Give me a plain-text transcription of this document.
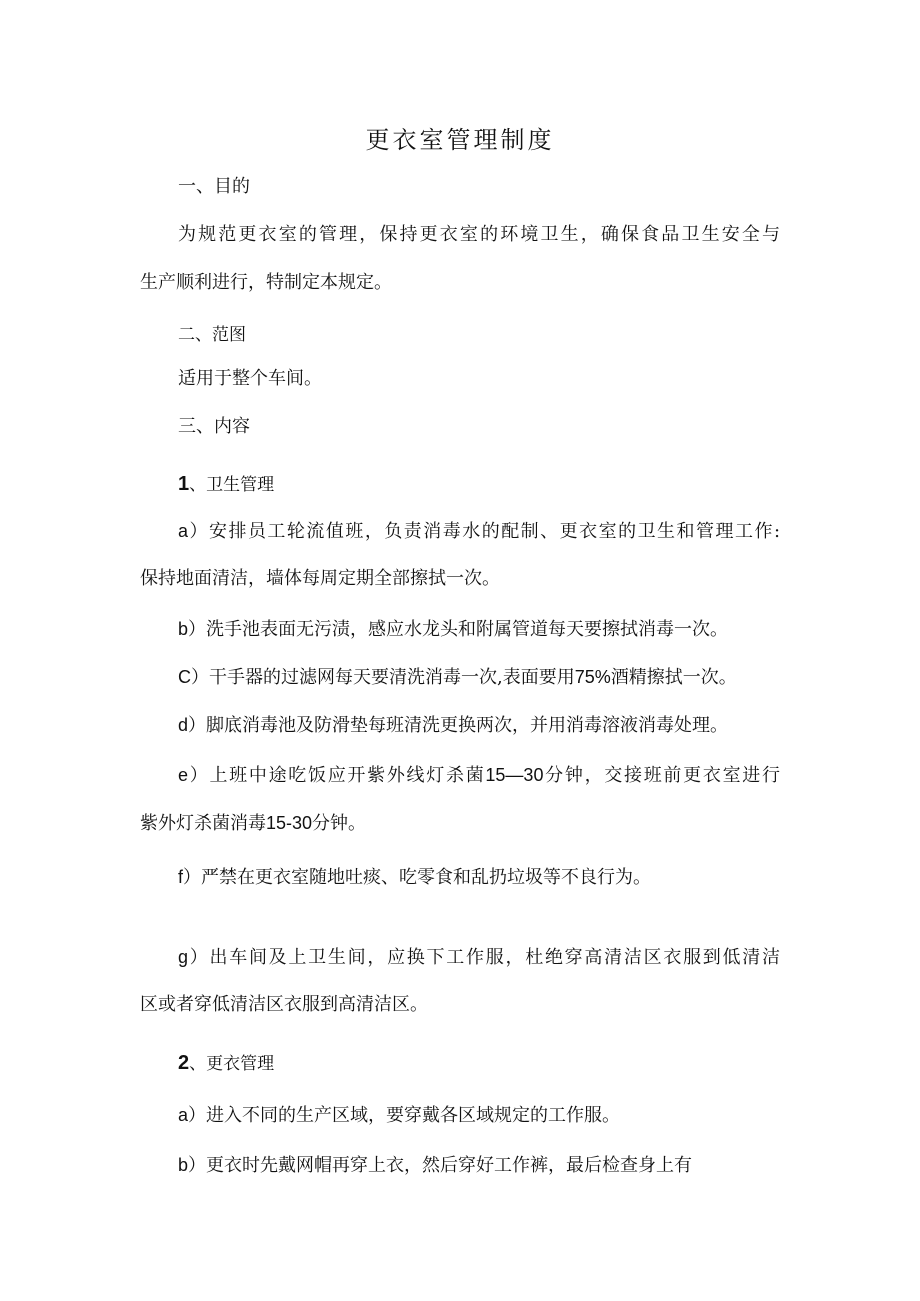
更衣室管理制度

一、目的

为规范更衣室的管理，保持更衣室的环境卫生，确保食品卫生安全与

生产顺利进行，特制定本规定。

二、范图

适用于整个车间。

三、内容

1、卫生管理

a）安排员工轮流值班，负责消毒水的配制、更衣室的卫生和管理工作:

保持地面清洁，墙体每周定期全部擦拭一次。

b）洗手池表面无污渍，感应水龙头和附属管道每天要擦拭消毒一次。

C）干手器的过滤网每天要清洗消毒一次,表面要用75%酒精擦拭一次。

d）脚底消毒池及防滑垫每班清洗更换两次，并用消毒溶液消毒处理。

e）上班中途吃饭应开紫外线灯杀菌15—30分钟，交接班前更衣室进行

紫外灯杀菌消毒15-30分钟。

f）严禁在更衣室随地吐痰、吃零食和乱扔垃圾等不良行为。

g）出车间及上卫生间，应换下工作服，杜绝穿高清洁区衣服到低清洁

区或者穿低清洁区衣服到高清洁区。

2、更衣管理

a）进入不同的生产区域，要穿戴各区域规定的工作服。

b）更衣时先戴网帽再穿上衣，然后穿好工作裤，最后检查身上有
